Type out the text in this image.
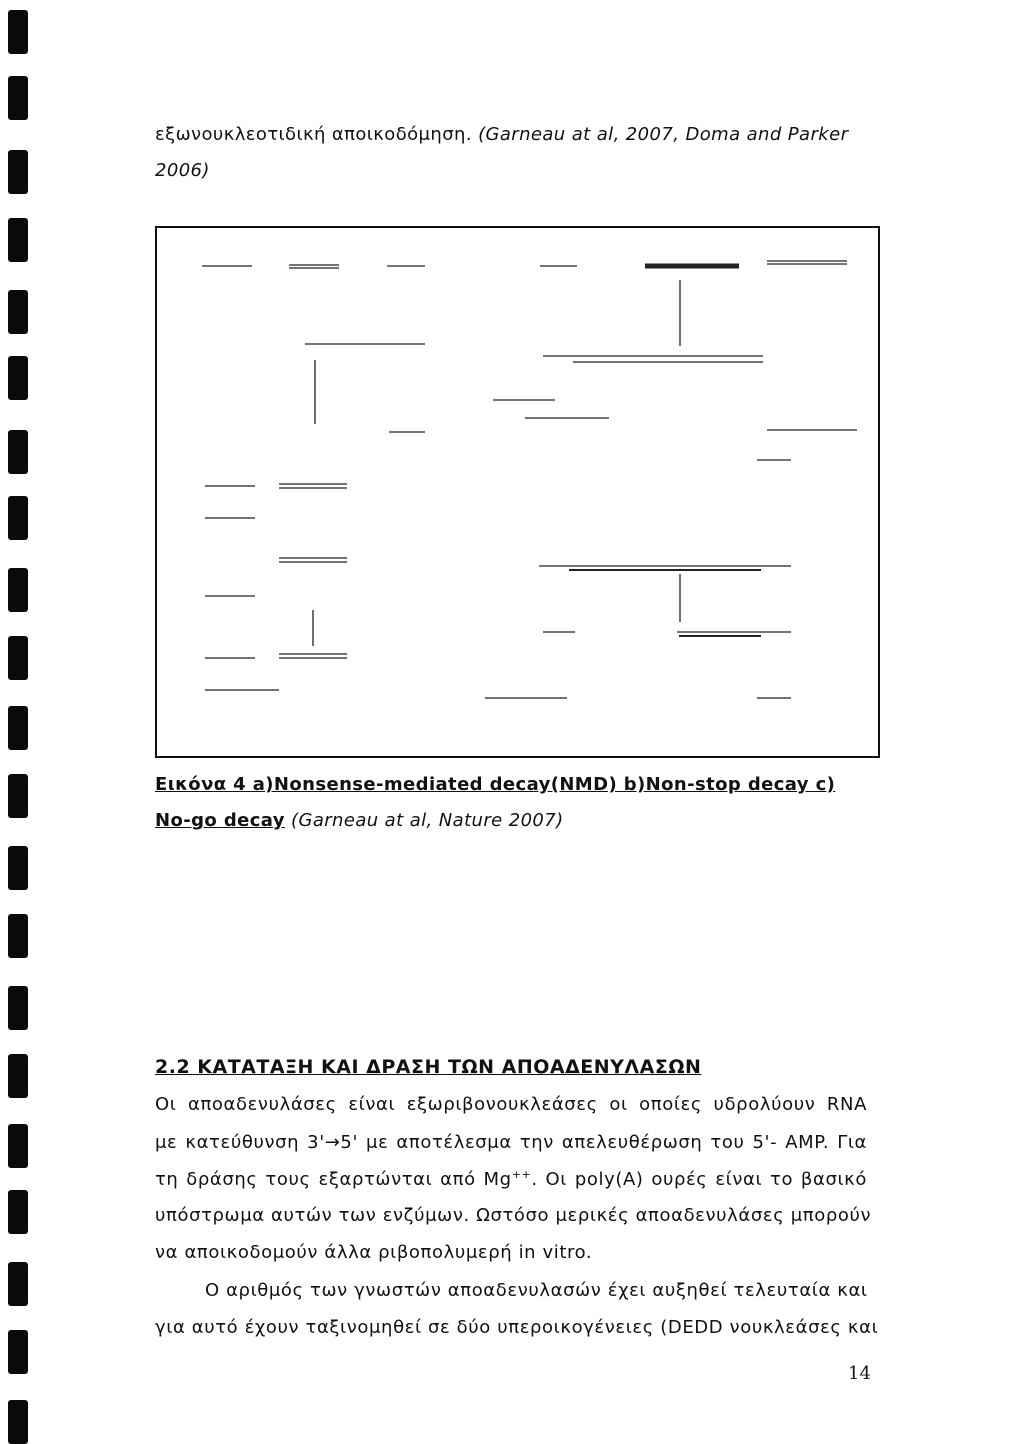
εξωνουκλεοτιδική αποικοδόμηση. (Garneau at al, 2007, Doma and Parker
2006)
Εικόνα 4 a)Nonsense-mediated decay(NMD) b)Non-stop decay c)
No-go decay (Garneau at al, Nature 2007)
2.2 ΚΑΤΑΤΑΞΗ ΚΑΙ ΔΡΑΣΗ ΤΩΝ ΑΠΟΑΔΕΝΥΛΑΣΩΝ
Οι αποαδενυλάσες είναι εξωριβονουκλεάσες οι οποίες υδρολύουν RNA
με κατεύθυνση 3'→5' με αποτέλεσμα την απελευθέρωση του 5'- AMP. Για
τη δράσης τους εξαρτώνται από Mg++. Οι poly(A) ουρές είναι το βασικό
υπόστρωμα αυτών των ενζύμων. Ωστόσο μερικές αποαδενυλάσες μπορούν
να αποικοδομούν άλλα ριβοπολυμερή in vitro.
Ο αριθμός των γνωστών αποαδενυλασών έχει αυξηθεί τελευταία και
για αυτό έχουν ταξινομηθεί σε δύο υπεροικογένειες (DEDD νουκλεάσες και
14
